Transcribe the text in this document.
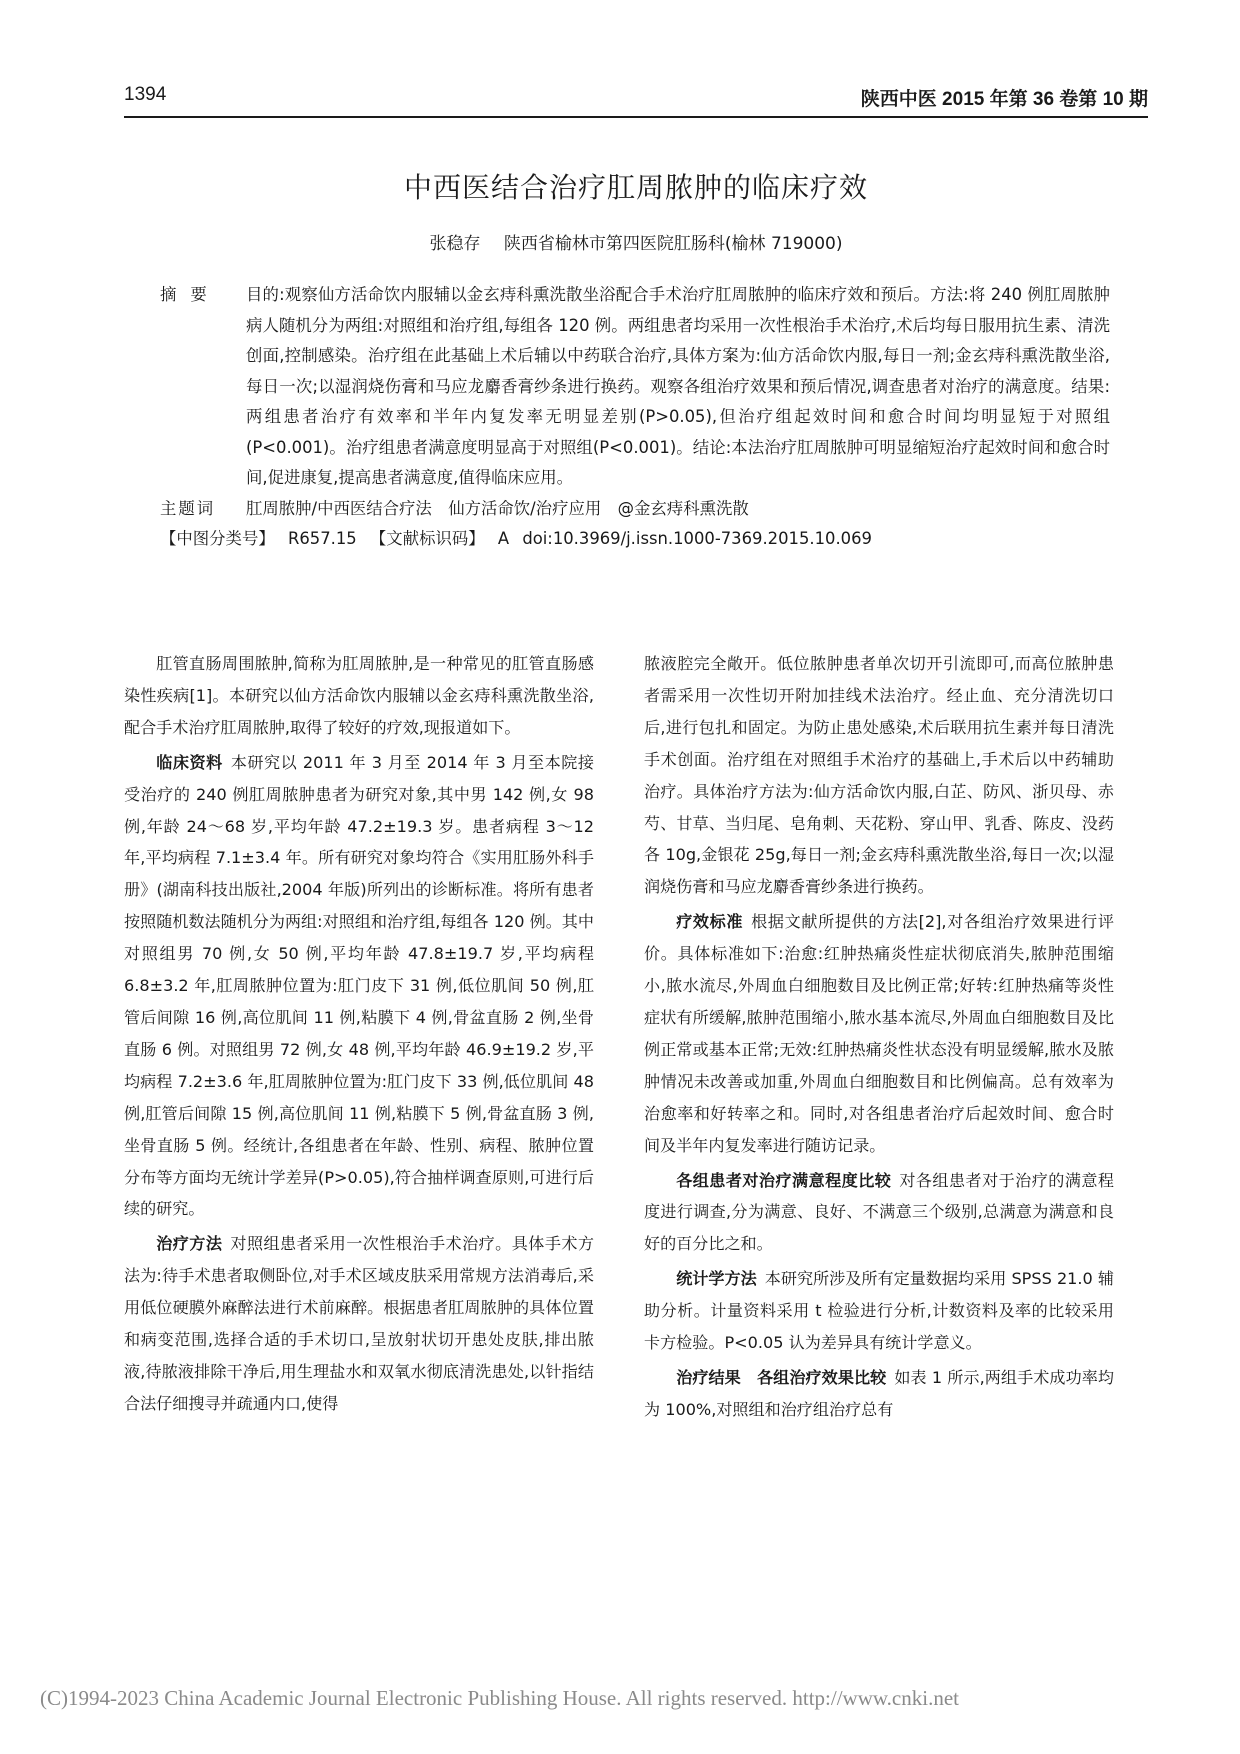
1394	陕西中医 2015 年第 36 卷第 10 期
中西医结合治疗肛周脓肿的临床疗效
张稳存 陕西省榆林市第四医院肛肠科(榆林 719000)
摘要	目的:观察仙方活命饮内服辅以金玄痔科熏洗散坐浴配合手术治疗肛周脓肿的临床疗效和预后。方法:将 240 例肛周脓肿病人随机分为两组:对照组和治疗组,每组各 120 例。两组患者均采用一次性根治手术治疗,术后均每日服用抗生素、清洗创面,控制感染。治疗组在此基础上术后辅以中药联合治疗,具体方案为:仙方活命饮内服,每日一剂;金玄痔科熏洗散坐浴,每日一次;以湿润烧伤膏和马应龙麝香膏纱条进行换药。观察各组治疗效果和预后情况,调查患者对治疗的满意度。结果:两组患者治疗有效率和半年内复发率无明显差别(P>0.05),但治疗组起效时间和愈合时间均明显短于对照组(P<0.001)。治疗组患者满意度明显高于对照组(P<0.001)。结论:本法治疗肛周脓肿可明显缩短治疗起效时间和愈合时间,促进康复,提高患者满意度,值得临床应用。
主题词	肛周脓肿/中西医结合疗法　仙方活命饮/治疗应用　@金玄痔科熏洗散
【中图分类号】 R657.15 【文献标识码】 A doi:10.3969/j.issn.1000-7369.2015.10.069

肛管直肠周围脓肿,简称为肛周脓肿,是一种常见的肛管直肠感染性疾病[1]。本研究以仙方活命饮内服辅以金玄痔科熏洗散坐浴,配合手术治疗肛周脓肿,取得了较好的疗效,现报道如下。

临床资料 本研究以 2011 年 3 月至 2014 年 3 月至本院接受治疗的 240 例肛周脓肿患者为研究对象,其中男 142 例,女 98 例,年龄 24～68 岁,平均年龄 47.2±19.3 岁。患者病程 3～12 年,平均病程 7.1±3.4 年。所有研究对象均符合《实用肛肠外科手册》(湖南科技出版社,2004 年版)所列出的诊断标准。将所有患者按照随机数法随机分为两组:对照组和治疗组,每组各 120 例。其中对照组男 70 例,女 50 例,平均年龄 47.8±19.7 岁,平均病程 6.8±3.2 年,肛周脓肿位置为:肛门皮下 31 例,低位肌间 50 例,肛管后间隙 16 例,高位肌间 11 例,粘膜下 4 例,骨盆直肠 2 例,坐骨直肠 6 例。对照组男 72 例,女 48 例,平均年龄 46.9±19.2 岁,平均病程 7.2±3.6 年,肛周脓肿位置为:肛门皮下 33 例,低位肌间 48 例,肛管后间隙 15 例,高位肌间 11 例,粘膜下 5 例,骨盆直肠 3 例,坐骨直肠 5 例。经统计,各组患者在年龄、性别、病程、脓肿位置分布等方面均无统计学差异(P>0.05),符合抽样调查原则,可进行后续的研究。

治疗方法 对照组患者采用一次性根治手术治疗。具体手术方法为:待手术患者取侧卧位,对手术区域皮肤采用常规方法消毒后,采用低位硬膜外麻醉法进行术前麻醉。根据患者肛周脓肿的具体位置和病变范围,选择合适的手术切口,呈放射状切开患处皮肤,排出脓液,待脓液排除干净后,用生理盐水和双氧水彻底清洗患处,以针指结合法仔细搜寻并疏通内口,使得

脓液腔完全敞开。低位脓肿患者单次切开引流即可,而高位脓肿患者需采用一次性切开附加挂线术法治疗。经止血、充分清洗切口后,进行包扎和固定。为防止患处感染,术后联用抗生素并每日清洗手术创面。治疗组在对照组手术治疗的基础上,手术后以中药辅助治疗。具体治疗方法为:仙方活命饮内服,白芷、防风、浙贝母、赤芍、甘草、当归尾、皂角刺、天花粉、穿山甲、乳香、陈皮、没药各 10g,金银花 25g,每日一剂;金玄痔科熏洗散坐浴,每日一次;以湿润烧伤膏和马应龙麝香膏纱条进行换药。

疗效标准 根据文献所提供的方法[2],对各组治疗效果进行评价。具体标准如下:治愈:红肿热痛炎性症状彻底消失,脓肿范围缩小,脓水流尽,外周血白细胞数目及比例正常;好转:红肿热痛等炎性症状有所缓解,脓肿范围缩小,脓水基本流尽,外周血白细胞数目及比例正常或基本正常;无效:红肿热痛炎性状态没有明显缓解,脓水及脓肿情况未改善或加重,外周血白细胞数目和比例偏高。总有效率为治愈率和好转率之和。同时,对各组患者治疗后起效时间、愈合时间及半年内复发率进行随访记录。

各组患者对治疗满意程度比较 对各组患者对于治疗的满意程度进行调查,分为满意、良好、不满意三个级别,总满意为满意和良好的百分比之和。

统计学方法 本研究所涉及所有定量数据均采用 SPSS 21.0 辅助分析。计量资料采用 t 检验进行分析,计数资料及率的比较采用卡方检验。P<0.05 认为差异具有统计学意义。

治疗结果　各组治疗效果比较 如表 1 所示,两组手术成功率均为 100%,对照组和治疗组治疗总有

(C)1994-2023 China Academic Journal Electronic Publishing House. All rights reserved. http://www.cnki.net
